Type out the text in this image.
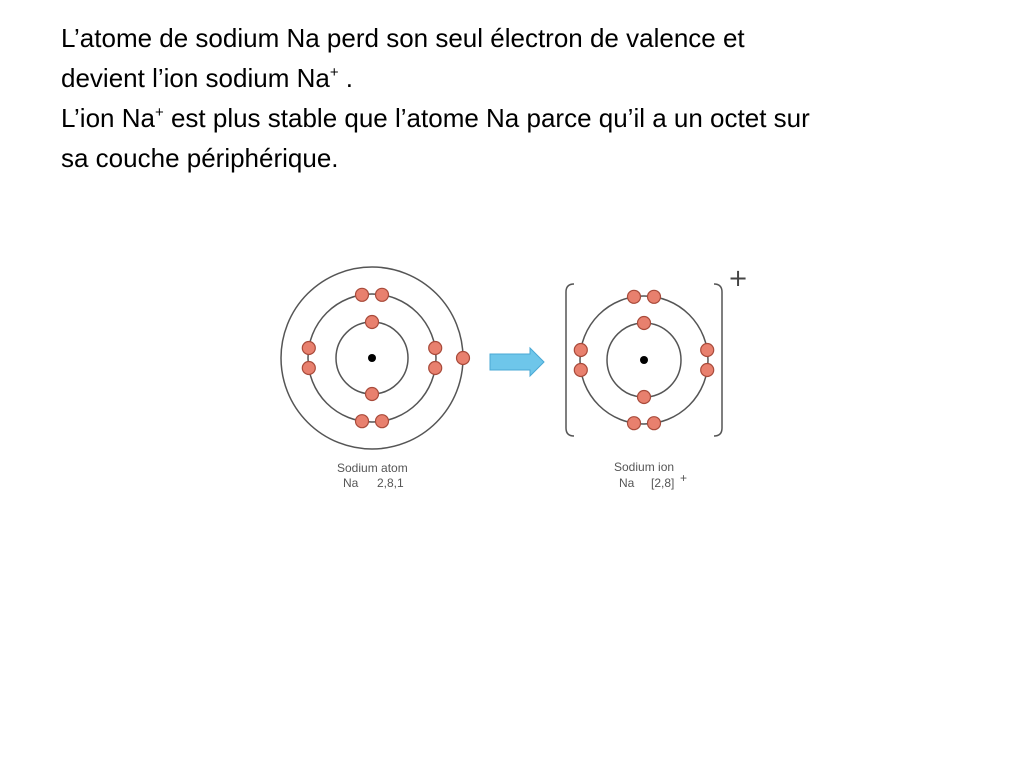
L’atome de sodium Na perd son seul électron de valence et

devient l’ion sodium Na+ .

L’ion Na+ est plus stable que l’atome Na parce qu’il a un octet sur

sa couche périphérique.

+
Sodium atom
Na 2,8,1
Sodium ion
Na [2,8] +
